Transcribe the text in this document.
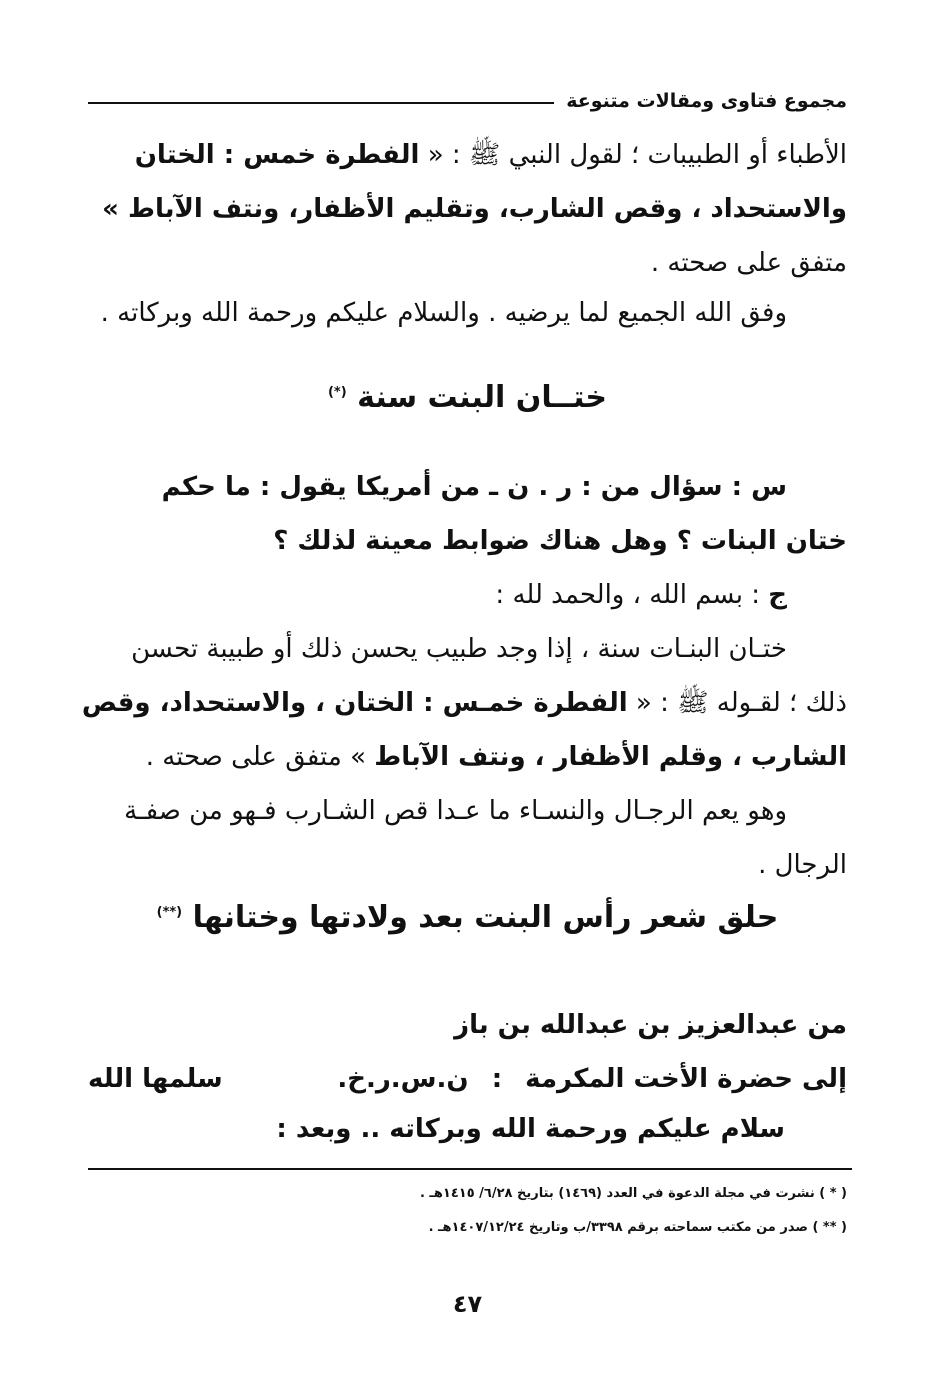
مجموع فتاوى ومقالات متنوعة
الأطباء أو الطبيبات ؛ لقول النبي ﷺ : « الفطرة خمس : الختان
والاستحداد ، وقص الشارب، وتقليم الأظفار، ونتف الآباط »
متفق على صحته .
وفق الله الجميع لما يرضيه . والسلام عليكم ورحمة الله وبركاته .
ختــان البنت سنة (*)
س : سؤال من : ر . ن ـ من أمريكا يقول : ما حكم
ختان البنات ؟ وهل هناك ضوابط معينة لذلك ؟
ج : بسم الله ، والحمد لله :
ختـان البنـات سنة ، إذا وجد طبيب يحسن ذلك أو طبيبة تحسن
ذلك ؛ لقـوله ﷺ : « الفطرة خمـس : الختان ، والاستحداد، وقص
الشارب ، وقلم الأظفار ، ونتف الآباط » متفق على صحته .
وهو يعم الرجـال والنسـاء ما عـدا قص الشـارب فـهو من صفـة
الرجال .
حلق شعر رأس البنت بعد ولادتها وختانها (**)
من عبدالعزيز بن عبدالله بن باز
إلى حضرة الأخت المكرمة : ن.س.ر.خ.
سلمها الله
سلام عليكم ورحمة الله وبركاته .. وبعد :
( * ) نشرت في مجلة الدعوة في العدد (١٤٦٩) بتاريخ ٦/٢٨/ ١٤١٥هـ .
( ** ) صدر من مكتب سماحته برقم ٣٣٩٨/ب وتاريخ ١٤٠٧/١٢/٢٤هـ .
٤٧
